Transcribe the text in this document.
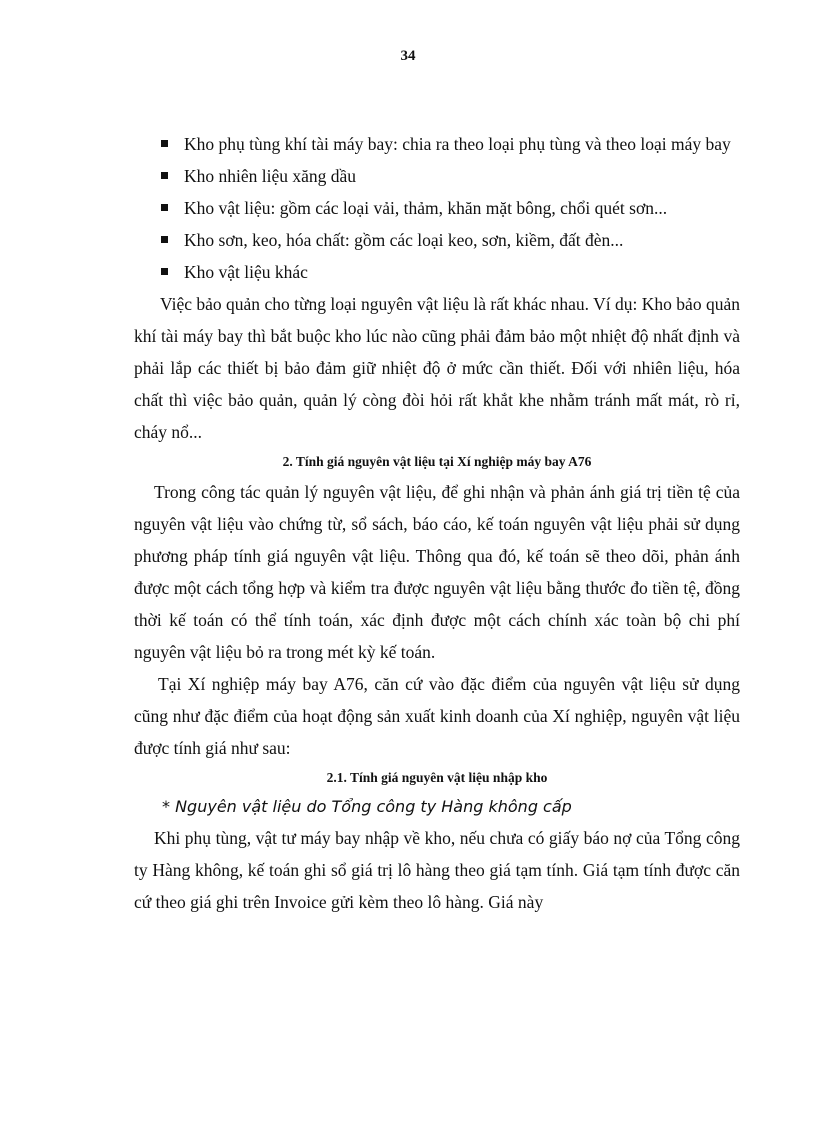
34
Kho phụ tùng khí tài máy bay: chia ra theo loại phụ tùng và theo loại máy bay
Kho nhiên liệu xăng dầu
Kho vật liệu: gồm các loại vải, thảm, khăn mặt bông, chổi quét sơn...
Kho sơn, keo, hóa chất: gồm các loại keo, sơn, kiềm, đất đèn...
Kho vật liệu khác

Việc bảo quản cho từng loại nguyên vật liệu là rất khác nhau. Ví dụ: Kho bảo quản khí tài máy bay thì bắt buộc kho lúc nào cũng phải đảm bảo một nhiệt độ nhất định và phải lắp các thiết bị bảo đảm giữ nhiệt độ ở mức cần thiết. Đối với nhiên liệu, hóa chất thì việc bảo quản, quản lý còng đòi hỏi rất khắt khe nhằm tránh mất mát, rò rỉ, cháy nổ...

2. Tính giá nguyên vật liệu tại Xí nghiệp máy bay A76

Trong công tác quản lý nguyên vật liệu, để ghi nhận và phản ánh giá trị tiền tệ của nguyên vật liệu vào chứng từ, sổ sách, báo cáo, kế toán nguyên vật liệu phải sử dụng phương pháp tính giá nguyên vật liệu. Thông qua đó, kế toán sẽ theo dõi, phản ánh được một cách tổng hợp và kiểm tra được nguyên vật liệu bằng thước đo tiền tệ, đồng thời kế toán có thể tính toán, xác định được một cách chính xác toàn bộ chi phí nguyên vật liệu bỏ ra trong mét kỳ kế toán.

Tại Xí nghiệp máy bay A76, căn cứ vào đặc điểm của nguyên vật liệu sử dụng cũng như đặc điểm của hoạt động sản xuất kinh doanh của Xí nghiệp, nguyên vật liệu được tính giá như sau:

2.1. Tính giá nguyên vật liệu nhập kho

* Nguyên vật liệu do Tổng công ty Hàng không cấp

Khi phụ tùng, vật tư máy bay nhập về kho, nếu chưa có giấy báo nợ của Tổng công ty Hàng không, kế toán ghi sổ giá trị lô hàng theo giá tạm tính. Giá tạm tính được căn cứ theo giá ghi trên Invoice gửi kèm theo lô hàng. Giá này
